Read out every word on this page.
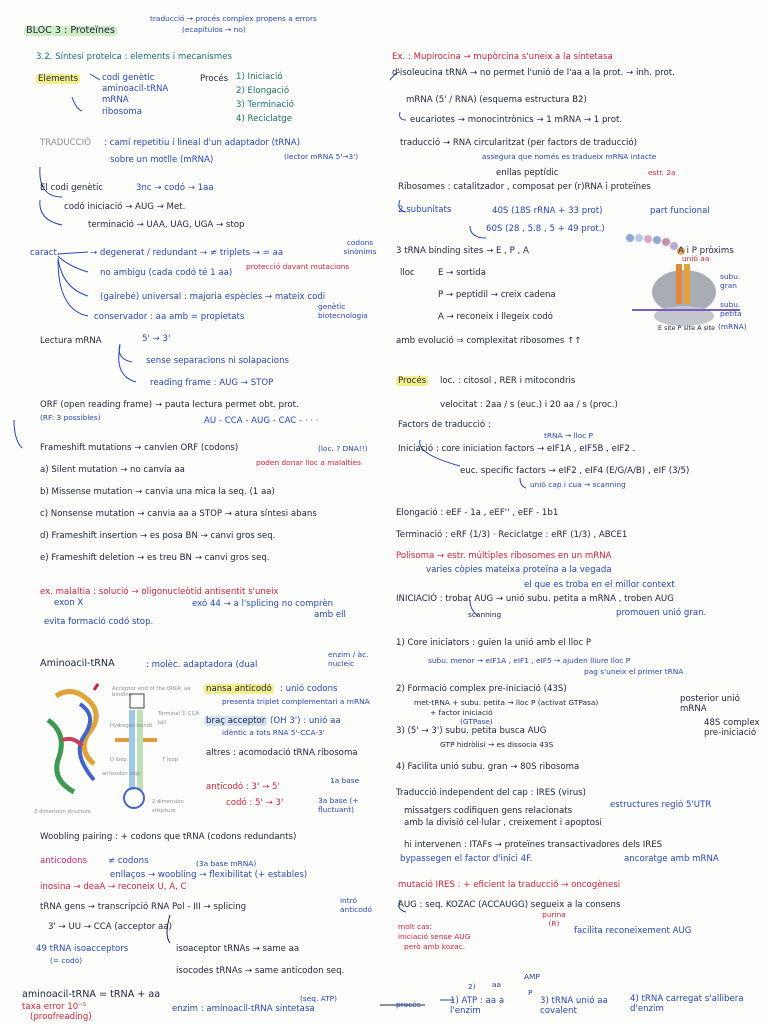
BLOC 3 : Proteïnes
traducció → procés complex propens a errors
(ecapítulos → no)
3.2. Síntesi proteica : elements i mecanismes
Elements	codi genètic
aminoacil-tRNA
mRNA
ribosoma
Procés 1) Iniciació
2) Elongació
3) Terminació
4) Reciclatge
TRADUCCIÓ : camí repetitiu i lineal d'un adaptador (tRNA)
sobre un motlle (mRNA)	(lector mRNA 5'→3')
El codi genètic	3nc → codó → 1aa
codó iniciació → AUG → Met.
terminació → UAA, UAG, UGA → stop
caract.	→ degenerat / redundant → ≠ triplets → = aa
no ambigu (cada codó té 1 aa)
(gairebé) universal : majoria espècies → mateix codi
conservador : aa amb = propietats
codons sinònims
protecció davant mutacions
genètic biotecnologia
Lectura mRNA	5' → 3'
sense separacions ni solapacions
reading frame : AUG → STOP
ORF (open reading frame) → pauta lectura permet obt. prot.
(RF: 3 possibles)	AU - CCA - AUG - CAC - · · ·
Frameshift mutations → canvien ORF (codons)	(loc. ? DNA!!)
poden donar lloc a malalties
a) Silent mutation → no canvia aa
b) Missense mutation → canvia una mica la seq. (1 aa)
c) Nonsense mutation → canvia aa a STOP → atura síntesi abans
d) Frameshift insertion → es posa BN → canvi gros seq.
e) Frameshift deletion → es treu BN → canvi gros seq.
ex. malaltia : solució → oligonucleòtid antisentit s'uneix
exon X	exó 44 → a l'splicing no comprèn
amb ell
evita formació codó stop.
Aminoacil-tRNA	: molèc. adaptadora (dual
enzim / àc. nucleic
Acceptor end of the tRNA: aa binding
Hydrogen bonds
Terminal 3' CCA tail
D loop	T loop
anticodon loop
3 dimension structure
2 dimension structure
nansa anticodó : unió codons
presenta triplet complementari a mRNA
braç acceptor (OH 3') : unió aa
idèntic a tots RNA 5'-CCA-3'
altres : acomodació tRNA ribosoma
anticodó : 3' → 5'
codó : 5' → 3'
1a base
3a base (+ fluctuant)
Woobling pairing : + codons que tRNA (codons redundants)
anticodons ≠ codons	(3a base mRNA)
enllaços → woobling → flexibilitat (+ estables)
inosina → deaA → reconeix U, A, C
tRNA gens → transcripció RNA Pol - III → splicing
intró anticodó
3' → UU → CCA (acceptor aa)
49 tRNA isoacceptors
(= codó)
isoaceptor tRNAs → same aa
isocodes tRNAs → same anticodon seq.
aminoacil-tRNA = tRNA + aa
taxa error 10⁻⁵
(proofreading)
enzim : aminoacil-tRNA sintetasa
(seq. ATP)
Ex. : Mupirocina → mupòrcina s'uneix a la sintetasa
d'isoleucina tRNA → no permet l'unió de l'aa a la prot. → inh. prot.
mRNA (5' / RNA) (esquema estructura B2)
eucariotes → monocintrònics → 1 mRNA → 1 prot.
traducció → RNA circularitzat (per factors de traducció)
assegura que només es tradueix mRNA intacte
enllas peptídic	estr. 2a
Ribosomes : catalitzador , composat per (r)RNA i proteïnes
2 subunitats	40S (18S rRNA + 33 prot)
60S (28 , 5.8 , 5 + 49 prot.)
part funcional
3 tRNA binding sites → E , P , A
lloc	E → sortida
P → peptidil → creix cadena
A → reconeix i llegeix codó
unió aa
subu. gran
subu. petita
(mRNA)
E site P site A site
A i P pròxims
amb evolució ⇒ complexitat ribosomes ↑↑
Procés loc. : citosol , RER i mitocondris
velocitat : 2aa / s (euc.) i 20 aa / s (proc.)
Factors de traducció :
tRNA → lloc P
Iniciació : core iniciation factors → eIF1A , eIF5B , eIF2 .
euc. specific factors → eIF2 , eIF4 (E/G/A/B) , eIF (3/5)
unió cap i cua → scanning
Elongació : eEF - 1a , eEF'' , eEF - 1b1
Terminació : eRF (1/3) · Reciclatge : eRF (1/3) , ABCE1
Polisoma → estr. múltiples ribosomes en un mRNA
varies còpies mateixa proteïna a la vegada
el que es troba en el millor context
INICIACIÓ : trobar AUG → unió subu. petita a mRNA , troben AUG
scanning	promouen unió gran.
1) Core iniciators : guien la unió amb el lloc P
subu. menor → eIF1A , eIF1 , eIF5 → ajuden lliure lloc P
pag s'uneix el primer tRNA
2) Formació complex pre-iniciació (43S)
met-tRNA + subu. petita → lloc P (activat GTPasa)
+ factor iniciació
(GTPase)
posterior unió mRNA
48S complex pre-iniciació
3) (5' → 3') subu. petita busca AUG
GTP hidròlisi → es dissocia 43S
4) Facilita unió subu. gran → 80S ribosoma
Traducció independent del cap : IRES (virus)
estructures regió 5'UTR
missatgers codifiquen gens relacionats
amb la divisió cel·lular , creixement i apoptosi
hi intervenen : ITAFs → proteïnes transactivadores dels IRES
bypassegen el factor d'inici 4F.	ancoratge amb mRNA
mutació IRES : + eficient la traducció → oncogènesi
AUG : seq. KOZAC (ACCAUGG) segueix a la consens
purina (R)
molt cas:
iniciació sense AUG
però amb kozac.
facilita reconeixement AUG
procés	1) ATP : aa a l'enzim
2) aa
AMP
P
3) tRNA unió aa covalent
4) tRNA carregat s'allibera d'enzim
